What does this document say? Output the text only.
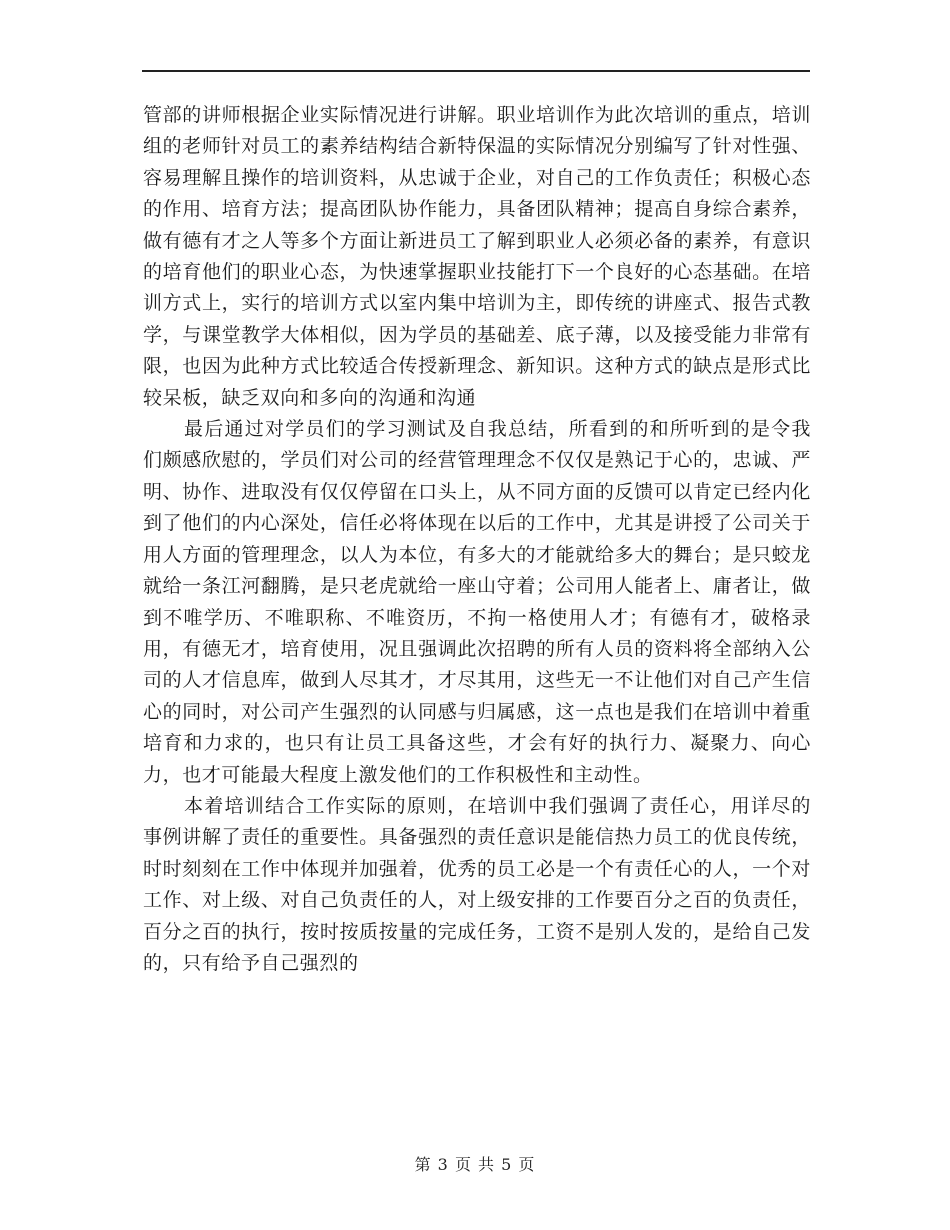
管部的讲师根据企业实际情况进行讲解。职业培训作为此次培训的重点，培训组的老师针对员工的素养结构结合新特保温的实际情况分别编写了针对性强、容易理解且操作的培训资料，从忠诚于企业，对自己的工作负责任；积极心态的作用、培育方法；提高团队协作能力，具备团队精神；提高自身综合素养，做有德有才之人等多个方面让新进员工了解到职业人必须必备的素养，有意识的培育他们的职业心态，为快速掌握职业技能打下一个良好的心态基础。在培训方式上，实行的培训方式以室内集中培训为主，即传统的讲座式、报告式教学，与课堂教学大体相似，因为学员的基础差、底子薄，以及接受能力非常有限，也因为此种方式比较适合传授新理念、新知识。这种方式的缺点是形式比较呆板，缺乏双向和多向的沟通和沟通

最后通过对学员们的学习测试及自我总结，所看到的和所听到的是令我们颇感欣慰的，学员们对公司的经营管理理念不仅仅是熟记于心的，忠诚、严明、协作、进取没有仅仅停留在口头上，从不同方面的反馈可以肯定已经内化到了他们的内心深处，信任必将体现在以后的工作中，尤其是讲授了公司关于用人方面的管理理念，以人为本位，有多大的才能就给多大的舞台；是只蛟龙就给一条江河翻腾，是只老虎就给一座山守着；公司用人能者上、庸者让，做到不唯学历、不唯职称、不唯资历，不拘一格使用人才；有德有才，破格录用，有德无才，培育使用，况且强调此次招聘的所有人员的资料将全部纳入公司的人才信息库，做到人尽其才，才尽其用，这些无一不让他们对自己产生信心的同时，对公司产生强烈的认同感与归属感，这一点也是我们在培训中着重培育和力求的，也只有让员工具备这些，才会有好的执行力、凝聚力、向心力，也才可能最大程度上激发他们的工作积极性和主动性。

本着培训结合工作实际的原则，在培训中我们强调了责任心，用详尽的事例讲解了责任的重要性。具备强烈的责任意识是能信热力员工的优良传统，时时刻刻在工作中体现并加强着，优秀的员工必是一个有责任心的人，一个对工作、对上级、对自己负责任的人，对上级安排的工作要百分之百的负责任，百分之百的执行，按时按质按量的完成任务，工资不是别人发的，是给自己发的，只有给予自己强烈的

第 3 页 共 5 页
